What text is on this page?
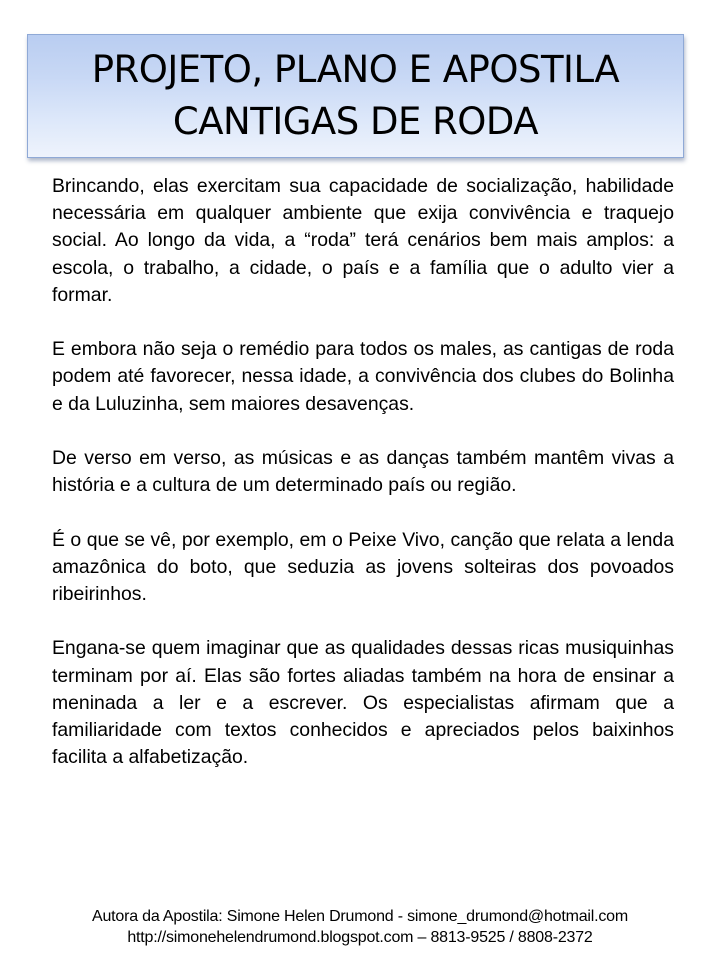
PROJETO, PLANO E APOSTILA
CANTIGAS DE RODA

Brincando, elas exercitam sua capacidade de socialização, habilidade necessária em qualquer ambiente que exija convivência e traquejo social. Ao longo da vida, a “roda” terá cenários bem mais amplos: a escola, o trabalho, a cidade, o país e a família que o adulto vier a formar.

E embora não seja o remédio para todos os males, as cantigas de roda podem até favorecer, nessa idade, a convivência dos clubes do Bolinha e da Luluzinha, sem maiores desavenças.

De verso em verso, as músicas e as danças também mantêm vivas a história e a cultura de um determinado país ou região.

É o que se vê, por exemplo, em o Peixe Vivo, canção que relata a lenda amazônica do boto, que seduzia as jovens solteiras dos povoados ribeirinhos.

Engana-se quem imaginar que as qualidades dessas ricas musiquinhas terminam por aí. Elas são fortes aliadas também na hora de ensinar a meninada a ler e a escrever. Os especialistas afirmam que a familiaridade com textos conhecidos e apreciados pelos baixinhos facilita a alfabetização.

Autora da Apostila: Simone Helen Drumond - simone_drumond@hotmail.com
http://simonehelendrumond.blogspot.com – 8813-9525 / 8808-2372
